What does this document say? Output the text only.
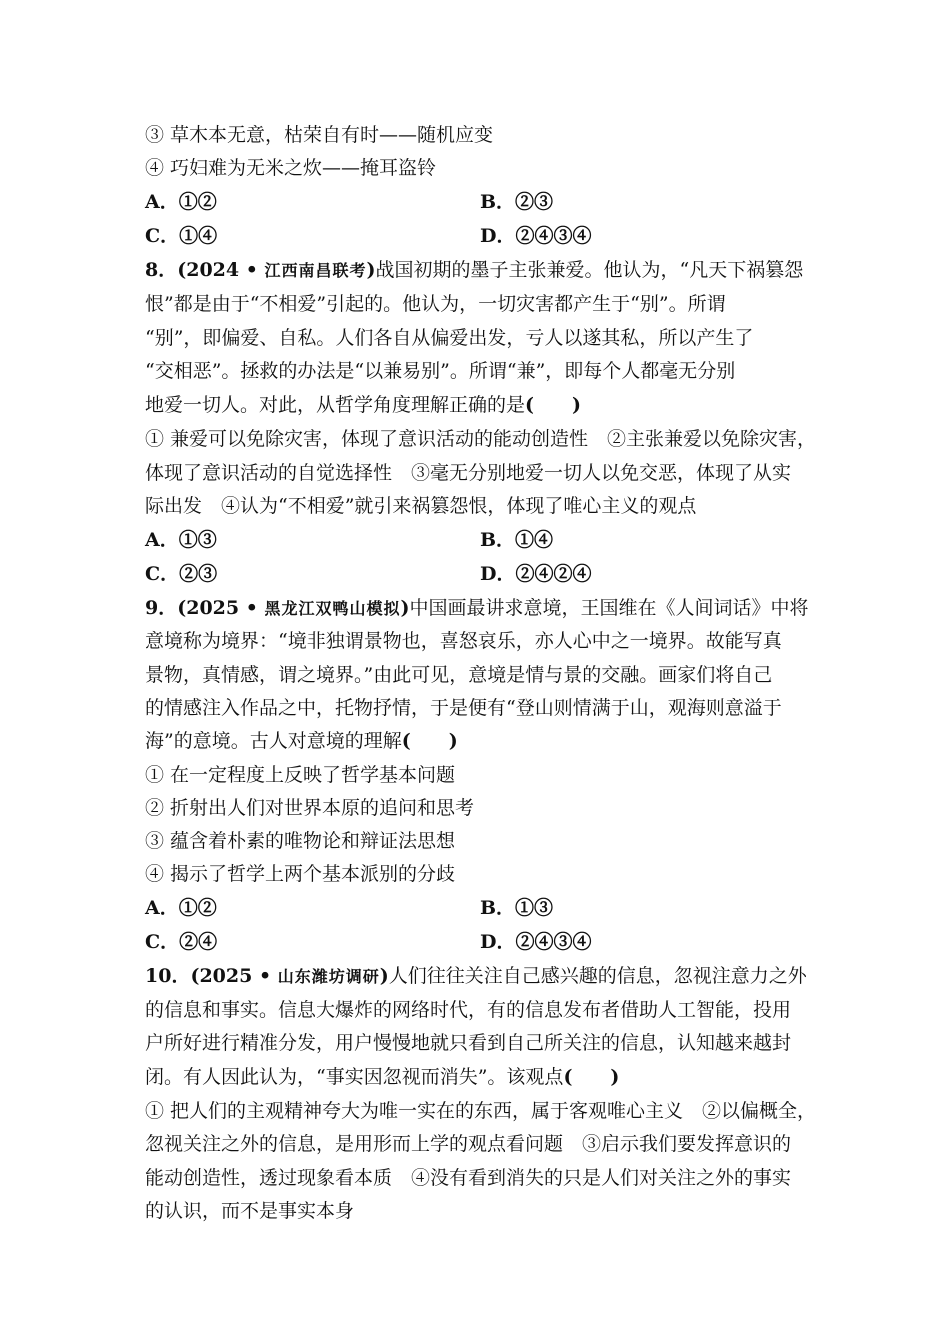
③ 草木本无意，枯荣自有时——随机应变
④ 巧妇难为无米之炊——掩耳盗铃
A．①②	B．②③
C．①④	D．②④③④
8．(2024 • 江西南昌联考)战国初期的墨子主张兼爱。他认为，“凡天下祸篡怨
恨”都是由于“不相爱”引起的。他认为，一切灾害都产生于“别”。所谓
“别”，即偏爱、自私。人们各自从偏爱出发，亏人以遂其私，所以产生了
“交相恶”。拯救的办法是“以兼易别”。所谓“兼”，即每个人都毫无分别
地爱一切人。对此，从哲学角度理解正确的是(　　)
① 兼爱可以免除灾害，体现了意识活动的能动创造性　②主张兼爱以免除灾害，
体现了意识活动的自觉选择性　③毫无分别地爱一切人以免交恶，体现了从实
际出发　④认为“不相爱”就引来祸篡怨恨，体现了唯心主义的观点
A．①③	B．①④
C．②③	D．②④②④
9．(2025 • 黑龙江双鸭山模拟)中国画最讲求意境，王国维在《人间词话》中将
意境称为境界：“境非独谓景物也，喜怒哀乐，亦人心中之一境界。故能写真
景物，真情感，谓之境界。”由此可见，意境是情与景的交融。画家们将自己
的情感注入作品之中，托物抒情，于是便有“登山则情满于山，观海则意溢于
海”的意境。古人对意境的理解(　　)
① 在一定程度上反映了哲学基本问题
② 折射出人们对世界本原的追问和思考
③ 蕴含着朴素的唯物论和辩证法思想
④ 揭示了哲学上两个基本派别的分歧
A．①②	B．①③
C．②④	D．②④③④
10．(2025 • 山东潍坊调研)人们往往关注自己感兴趣的信息，忽视注意力之外
的信息和事实。信息大爆炸的网络时代，有的信息发布者借助人工智能，投用
户所好进行精准分发，用户慢慢地就只看到自己所关注的信息，认知越来越封
闭。有人因此认为，“事实因忽视而消失”。该观点(　　)
① 把人们的主观精神夸大为唯一实在的东西，属于客观唯心主义　②以偏概全，
忽视关注之外的信息，是用形而上学的观点看问题　③启示我们要发挥意识的
能动创造性，透过现象看本质　④没有看到消失的只是人们对关注之外的事实
的认识，而不是事实本身
